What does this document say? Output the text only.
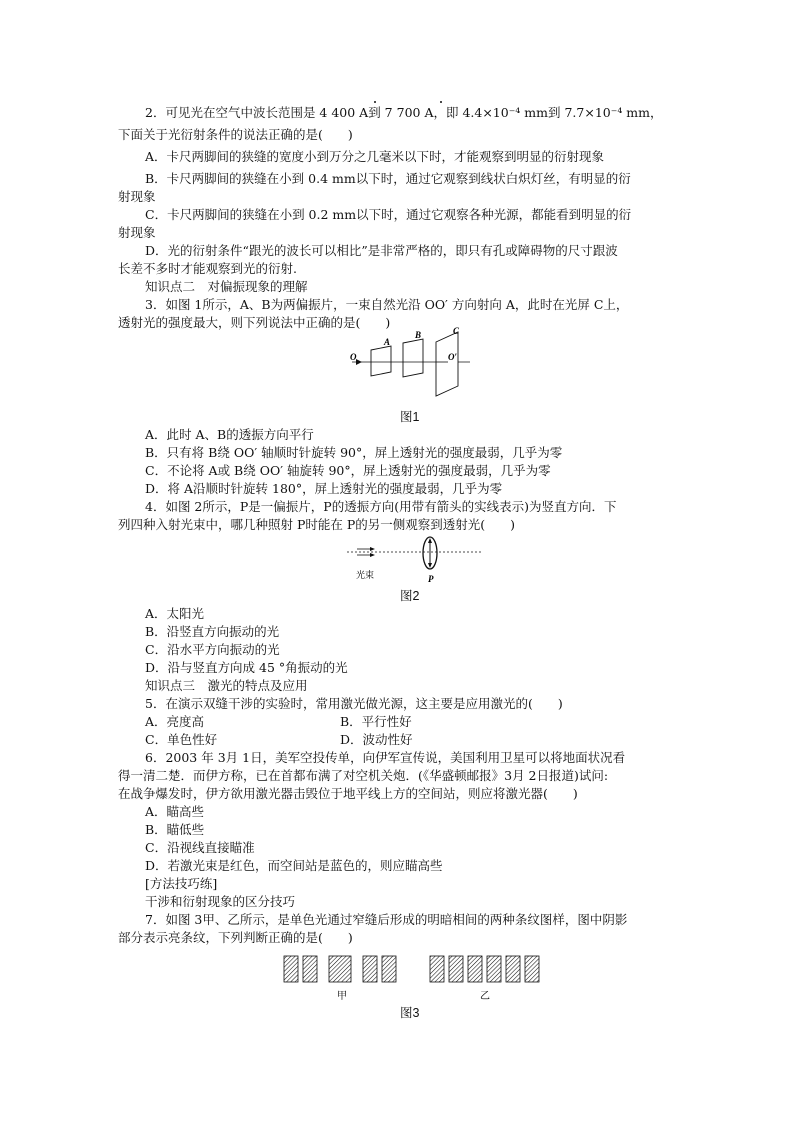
2．可见光在空气中波长范围是 4 400 A到 7 700 A，即 4.4×10⁻⁴ mm到 7.7×10⁻⁴ mm，
下面关于光衍射条件的说法正确的是(　　)
A．卡尺两脚间的狭缝的宽度小到万分之几毫米以下时，才能观察到明显的衍射现象
B．卡尺两脚间的狭缝在小到 0.4 mm以下时，通过它观察到线状白炽灯丝，有明显的衍
射现象
C．卡尺两脚间的狭缝在小到 0.2 mm以下时，通过它观察各种光源，都能看到明显的衍
射现象
D．光的衍射条件“跟光的波长可以相比”是非常严格的，即只有孔或障碍物的尺寸跟波
长差不多时才能观察到光的衍射.
知识点二　对偏振现象的理解
3．如图 1所示，A、B为两偏振片，一束自然光沿 OO′ 方向射向 A，此时在光屏 C上，
透射光的强度最大，则下列说法中正确的是(　　)
O
A
B	C
O′
图1
A．此时 A、B的透振方向平行
B．只有将 B绕 OO′ 轴顺时针旋转 90°，屏上透射光的强度最弱，几乎为零
C．不论将 A或 B绕 OO′ 轴旋转 90°，屏上透射光的强度最弱，几乎为零
D．将 A沿顺时针旋转 180°，屏上透射光的强度最弱，几乎为零
4．如图 2所示，P是一偏振片，P的透振方向(用带有箭头的实线表示)为竖直方向．下
列四种入射光束中，哪几种照射 P时能在 P的另一侧观察到透射光(　　)
光束	P
图2
A．太阳光
B．沿竖直方向振动的光
C．沿水平方向振动的光
D．沿与竖直方向成 45 °角振动的光
知识点三　激光的特点及应用
5．在演示双缝干涉的实验时，常用激光做光源，这主要是应用激光的(　　)
A．亮度高	B．平行性好
C．单色性好	D．波动性好
6．2003 年 3月 1日，美军空投传单，向伊军宣传说，美国利用卫星可以将地面状况看
得一清二楚．而伊方称，已在首都布满了对空机关炮．(《华盛顿邮报》3月 2日报道)试问:
在战争爆发时，伊方欲用激光器击毁位于地平线上方的空间站，则应将激光器(　　)
A．瞄高些
B．瞄低些
C．沿视线直接瞄准
D．若激光束是红色，而空间站是蓝色的，则应瞄高些
[方法技巧练]
干涉和衍射现象的区分技巧
7．如图 3甲、乙所示，是单色光通过窄缝后形成的明暗相间的两种条纹图样，图中阴影
部分表示亮条纹，下列判断正确的是(　　)
甲	乙
图3
